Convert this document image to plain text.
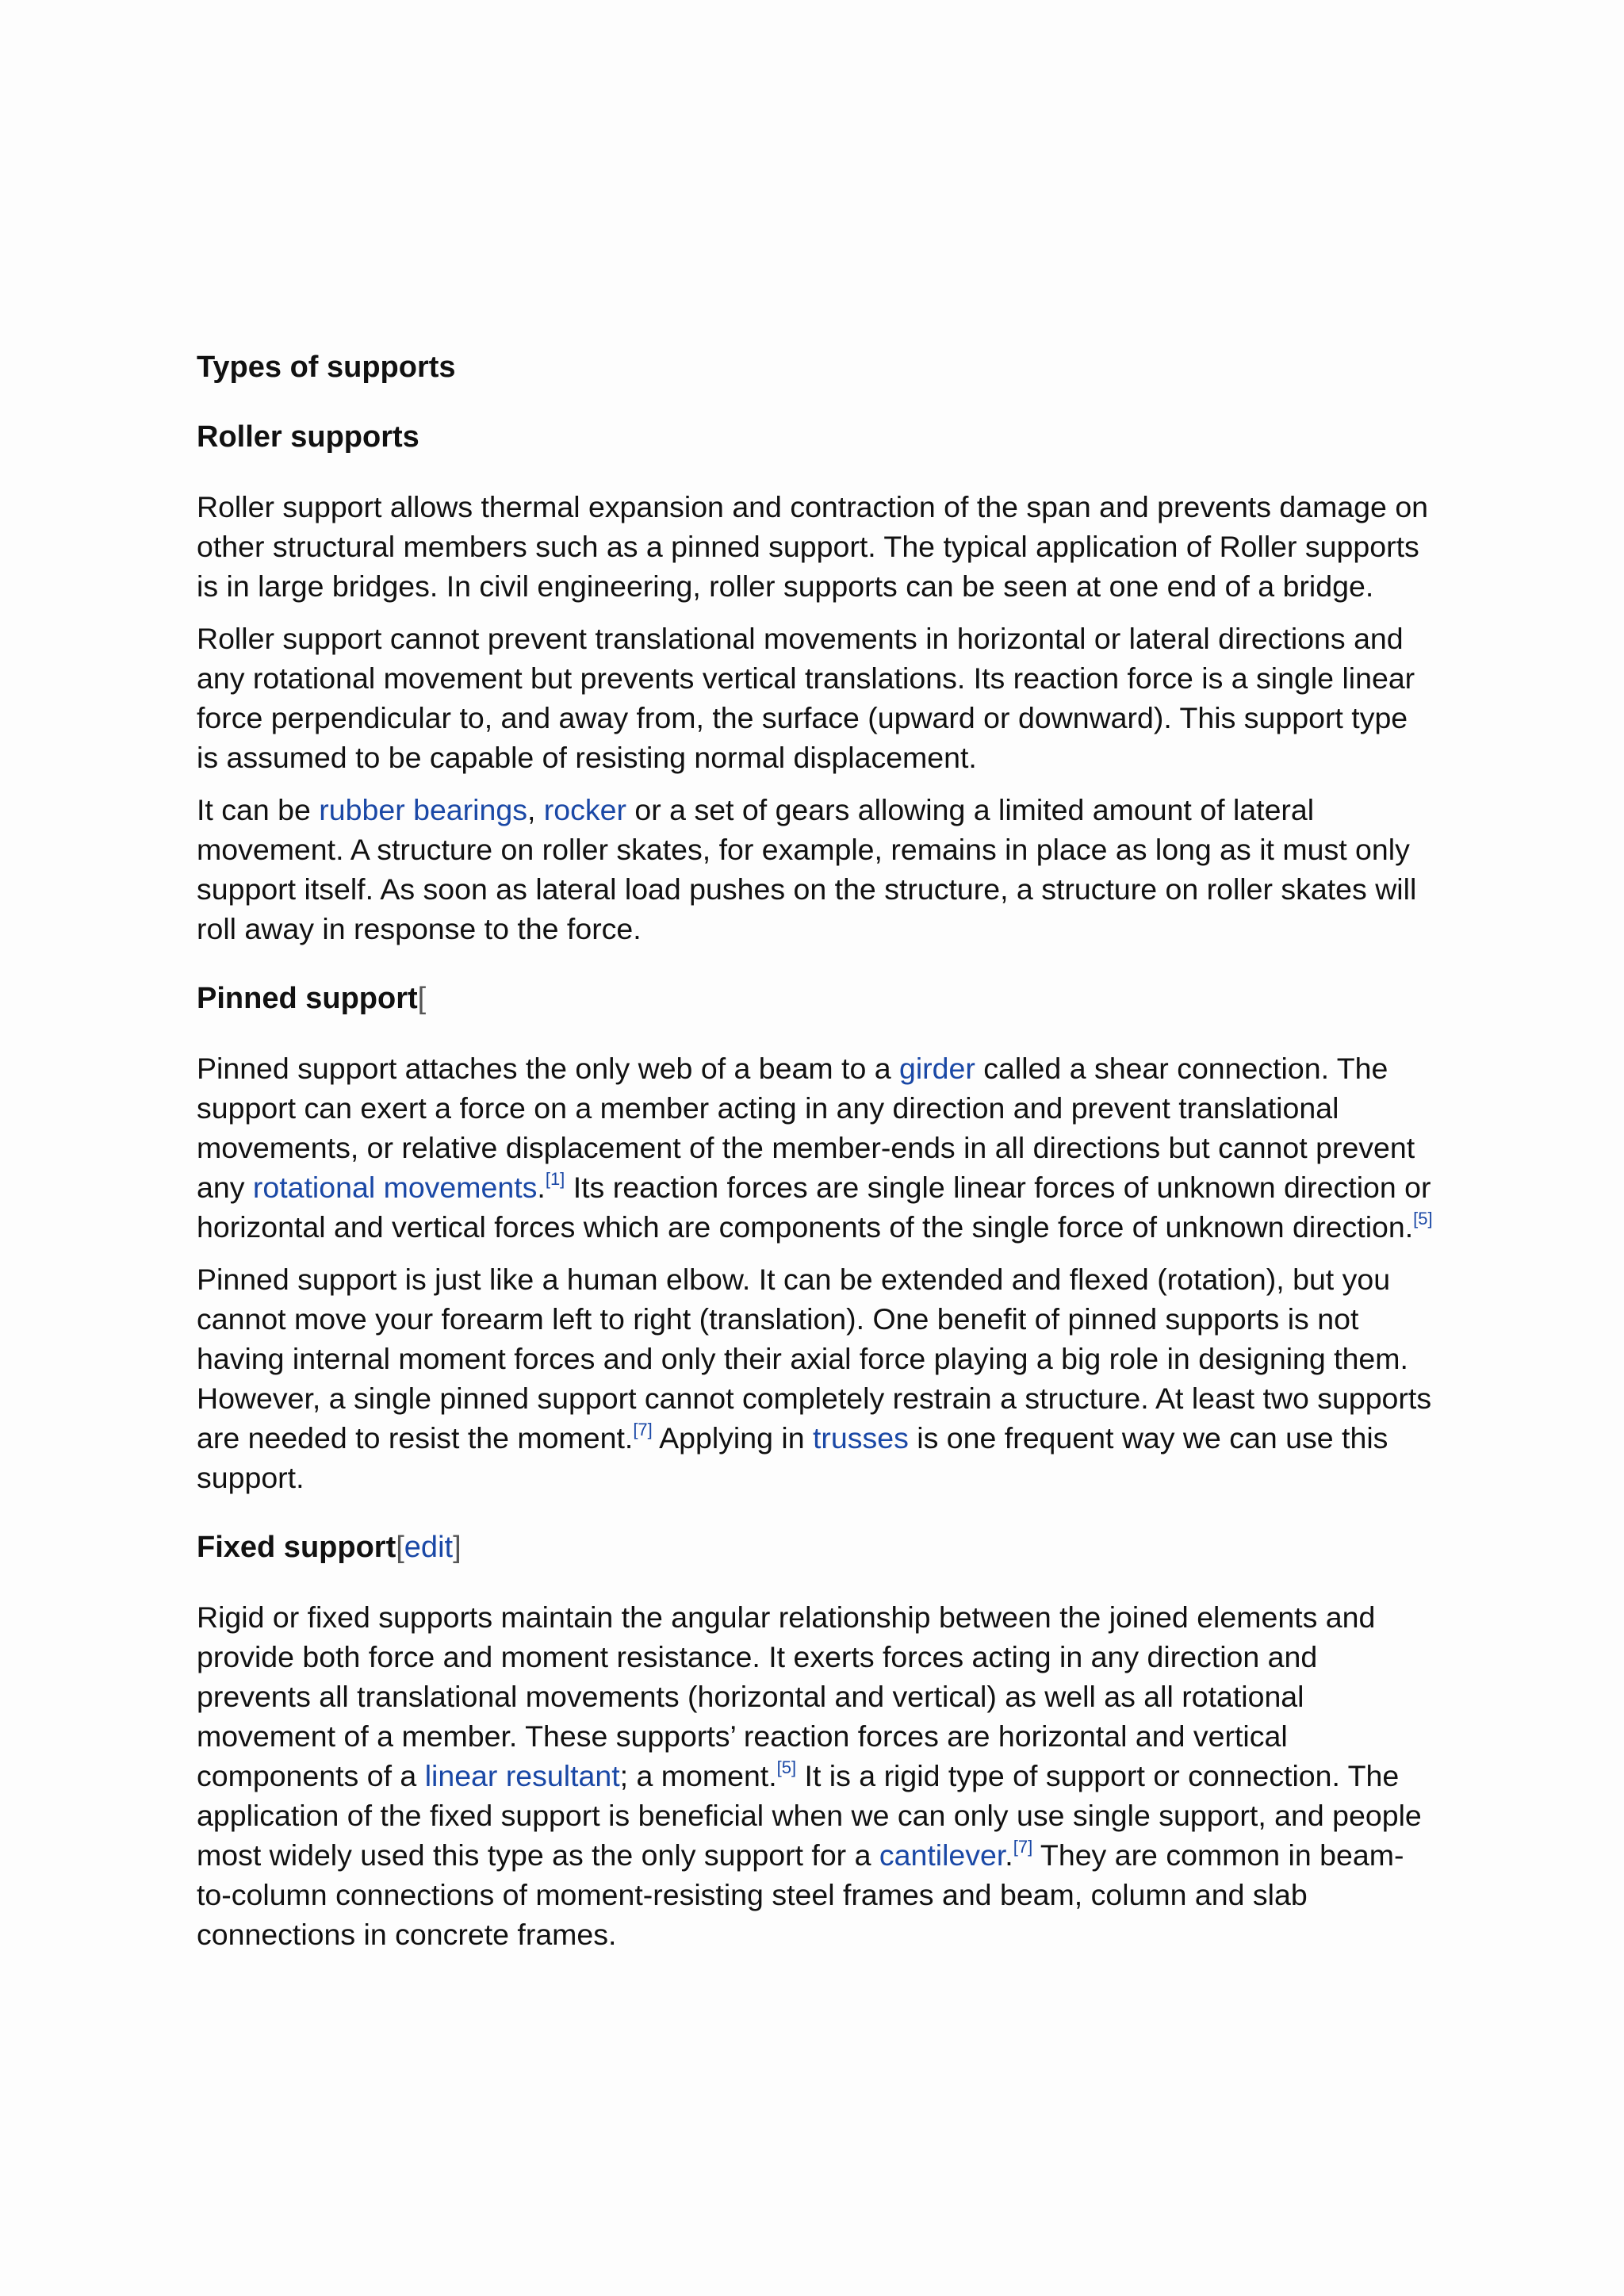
Types of supports
Roller supports

Roller support allows thermal expansion and contraction of the span and prevents damage on other structural members such as a pinned support. The typical application of Roller supports is in large bridges. In civil engineering, roller supports can be seen at one end of a bridge.

Roller support cannot prevent translational movements in horizontal or lateral directions and any rotational movement but prevents vertical translations. Its reaction force is a single linear force perpendicular to, and away from, the surface (upward or downward). This support type is assumed to be capable of resisting normal displacement.

It can be rubber bearings, rocker or a set of gears allowing a limited amount of lateral movement. A structure on roller skates, for example, remains in place as long as it must only support itself. As soon as lateral load pushes on the structure, a structure on roller skates will roll away in response to the force.

Pinned support[

Pinned support attaches the only web of a beam to a girder called a shear connection. The support can exert a force on a member acting in any direction and prevent translational movements, or relative displacement of the member-ends in all directions but cannot prevent any rotational movements.[1] Its reaction forces are single linear forces of unknown direction or horizontal and vertical forces which are components of the single force of unknown direction.[5]

Pinned support is just like a human elbow. It can be extended and flexed (rotation), but you cannot move your forearm left to right (translation). One benefit of pinned supports is not having internal moment forces and only their axial force playing a big role in designing them. However, a single pinned support cannot completely restrain a structure. At least two supports are needed to resist the moment.[7] Applying in trusses is one frequent way we can use this support.

Fixed support[edit]

Rigid or fixed supports maintain the angular relationship between the joined elements and provide both force and moment resistance. It exerts forces acting in any direction and prevents all translational movements (horizontal and vertical) as well as all rotational movement of a member. These supports’ reaction forces are horizontal and vertical components of a linear resultant; a moment.[5] It is a rigid type of support or connection. The application of the fixed support is beneficial when we can only use single support, and people most widely used this type as the only support for a cantilever.[7] They are common in beam-to-column connections of moment-resisting steel frames and beam, column and slab connections in concrete frames.
